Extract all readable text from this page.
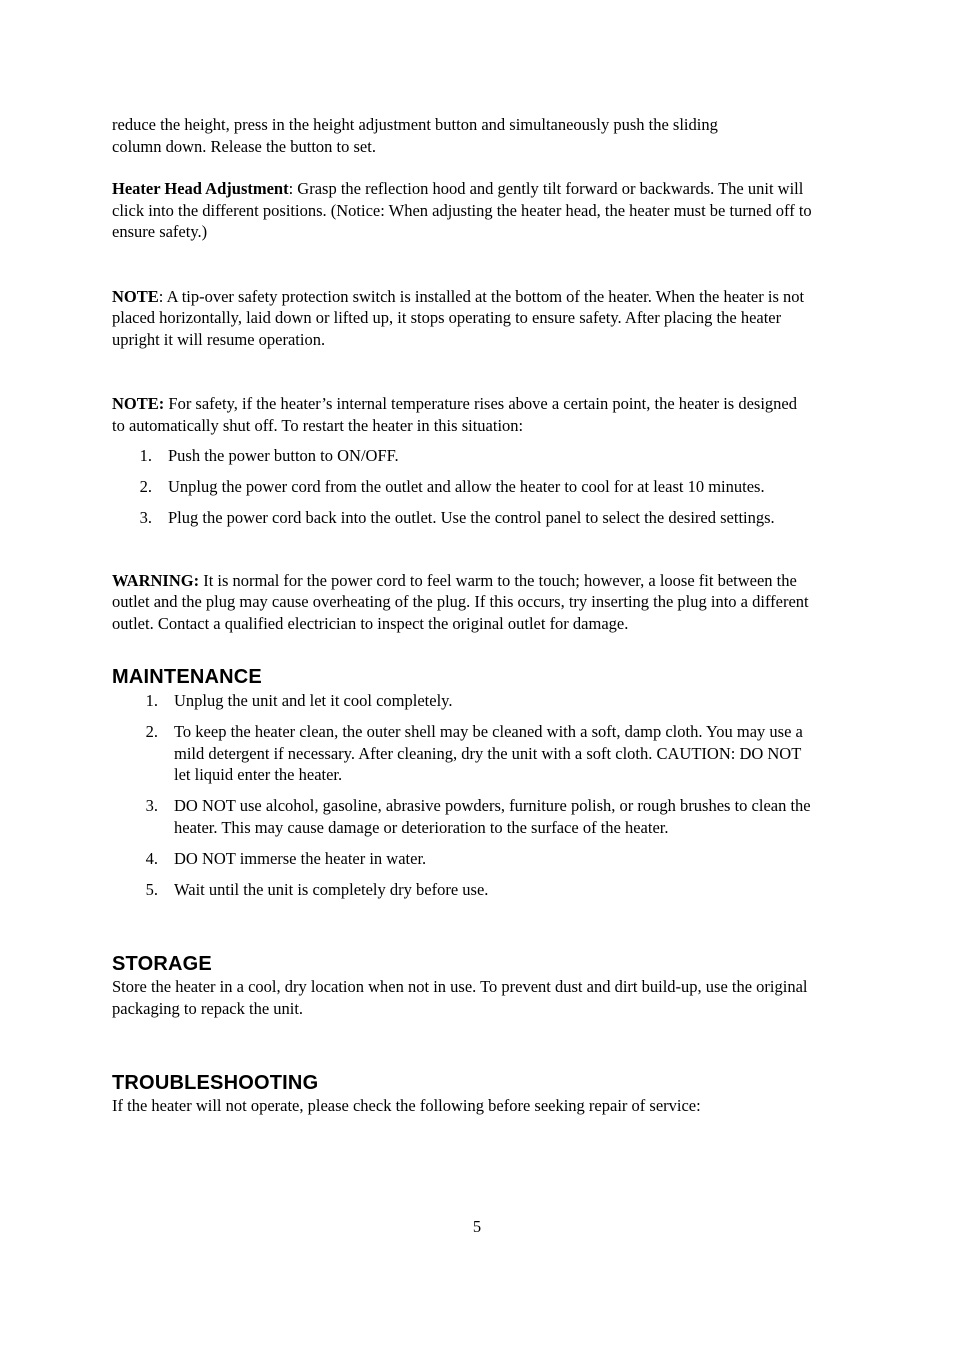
reduce the height, press in the height adjustment button and simultaneously push the sliding column down. Release the button to set.

Heater Head Adjustment: Grasp the reflection hood and gently tilt forward or backwards. The unit will click into the different positions. (Notice: When adjusting the heater head, the heater must be turned off to ensure safety.)

NOTE: A tip-over safety protection switch is installed at the bottom of the heater. When the heater is not placed horizontally, laid down or lifted up, it stops operating to ensure safety. After placing the heater upright it will resume operation.

NOTE: For safety, if the heater’s internal temperature rises above a certain point, the heater is designed to automatically shut off. To restart the heater in this situation:

1. Push the power button to ON/OFF.
2. Unplug the power cord from the outlet and allow the heater to cool for at least 10 minutes.
3. Plug the power cord back into the outlet. Use the control panel to select the desired settings.

WARNING: It is normal for the power cord to feel warm to the touch; however, a loose fit between the outlet and the plug may cause overheating of the plug. If this occurs, try inserting the plug into a different outlet. Contact a qualified electrician to inspect the original outlet for damage.

MAINTENANCE
1. Unplug the unit and let it cool completely.
2. To keep the heater clean, the outer shell may be cleaned with a soft, damp cloth. You may use a mild detergent if necessary. After cleaning, dry the unit with a soft cloth. CAUTION: DO NOT let liquid enter the heater.
3. DO NOT use alcohol, gasoline, abrasive powders, furniture polish, or rough brushes to clean the heater. This may cause damage or deterioration to the surface of the heater.
4. DO NOT immerse the heater in water.
5. Wait until the unit is completely dry before use.
STORAGE

Store the heater in a cool, dry location when not in use. To prevent dust and dirt build-up, use the original packaging to repack the unit.

TROUBLESHOOTING

If the heater will not operate, please check the following before seeking repair of service:

5
